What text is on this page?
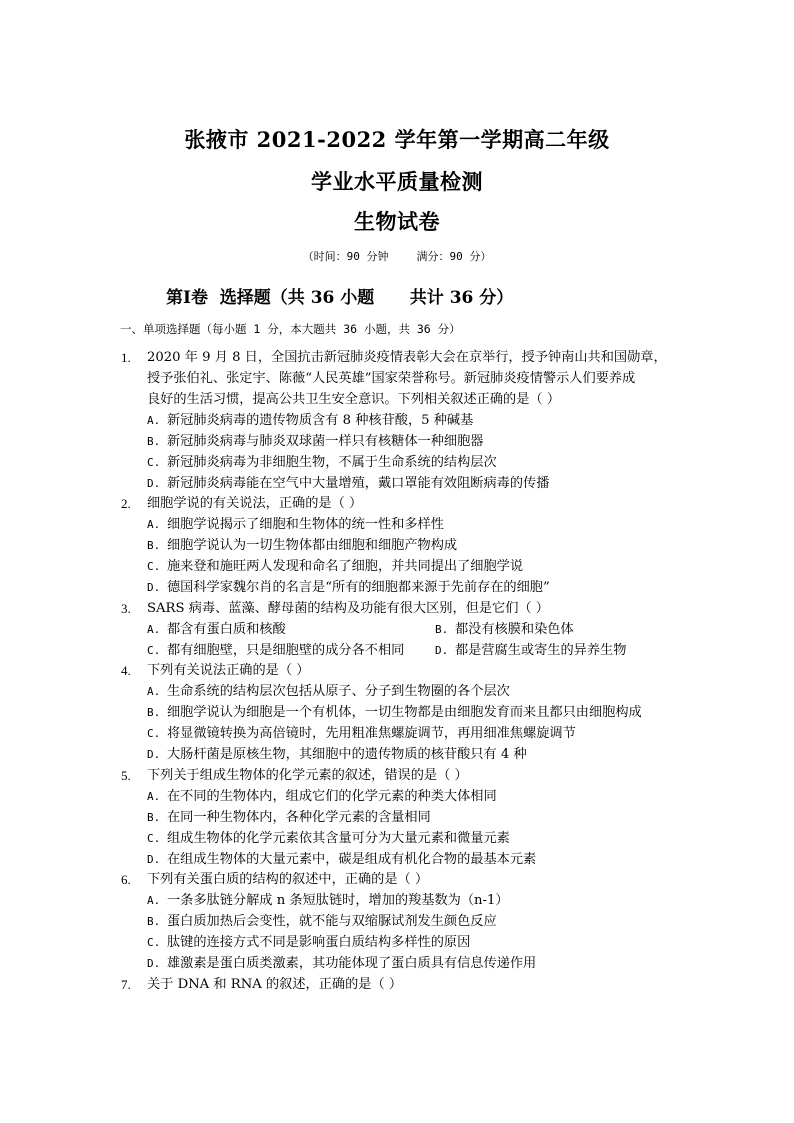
张掖市 2021-2022 学年第一学期高二年级
学业水平质量检测
生物试卷
（时间：90 分钟	满分：90 分）
第Ⅰ卷  选择题（共 36 小题      共计 36 分）
一、单项选择题（每小题 1 分，本大题共 36 小题，共 36 分）
1. 2020 年 9 月 8 日，全国抗击新冠肺炎疫情表彰大会在京举行，授予钟南山共和国勋章，
授予张伯礼、张定宇、陈薇“人民英雄”国家荣誉称号。新冠肺炎疫情警示人们要养成
良好的生活习惯，提高公共卫生安全意识。下列相关叙述正确的是（ ）
A. 新冠肺炎病毒的遗传物质含有 8 种核苷酸，5 种碱基
B. 新冠肺炎病毒与肺炎双球菌一样只有核糖体一种细胞器
C. 新冠肺炎病毒为非细胞生物，不属于生命系统的结构层次
D. 新冠肺炎病毒能在空气中大量增殖，戴口罩能有效阻断病毒的传播
2. 细胞学说的有关说法，正确的是（ ）
A. 细胞学说揭示了细胞和生物体的统一性和多样性
B. 细胞学说认为一切生物体都由细胞和细胞产物构成
C. 施来登和施旺两人发现和命名了细胞，并共同提出了细胞学说
D. 德国科学家魏尔肖的名言是“所有的细胞都来源于先前存在的细胞”
3. SARS 病毒、蓝藻、酵母菌的结构及功能有很大区别，但是它们（ ）
A. 都含有蛋白质和核酸	B. 都没有核膜和染色体
C. 都有细胞壁，只是细胞壁的成分各不相同	D. 都是营腐生或寄生的异养生物
4. 下列有关说法正确的是（ ）
A. 生命系统的结构层次包括从原子、分子到生物圈的各个层次
B. 细胞学说认为细胞是一个有机体，一切生物都是由细胞发育而来且都只由细胞构成
C. 将显微镜转换为高倍镜时，先用粗准焦螺旋调节，再用细准焦螺旋调节
D. 大肠杆菌是原核生物，其细胞中的遗传物质的核苷酸只有 4 种
5. 下列关于组成生物体的化学元素的叙述，错误的是（ ）
A. 在不同的生物体内，组成它们的化学元素的种类大体相同
B. 在同一种生物体内，各种化学元素的含量相同
C. 组成生物体的化学元素依其含量可分为大量元素和微量元素
D. 在组成生物体的大量元素中，碳是组成有机化合物的最基本元素
6. 下列有关蛋白质的结构的叙述中，正确的是（ ）
A. 一条多肽链分解成 n 条短肽链时，增加的羧基数为（n-1）
B. 蛋白质加热后会变性，就不能与双缩脲试剂发生颜色反应
C. 肽键的连接方式不同是影响蛋白质结构多样性的原因
D. 雄激素是蛋白质类激素，其功能体现了蛋白质具有信息传递作用
7. 关于 DNA 和 RNA 的叙述，正确的是（ ）
